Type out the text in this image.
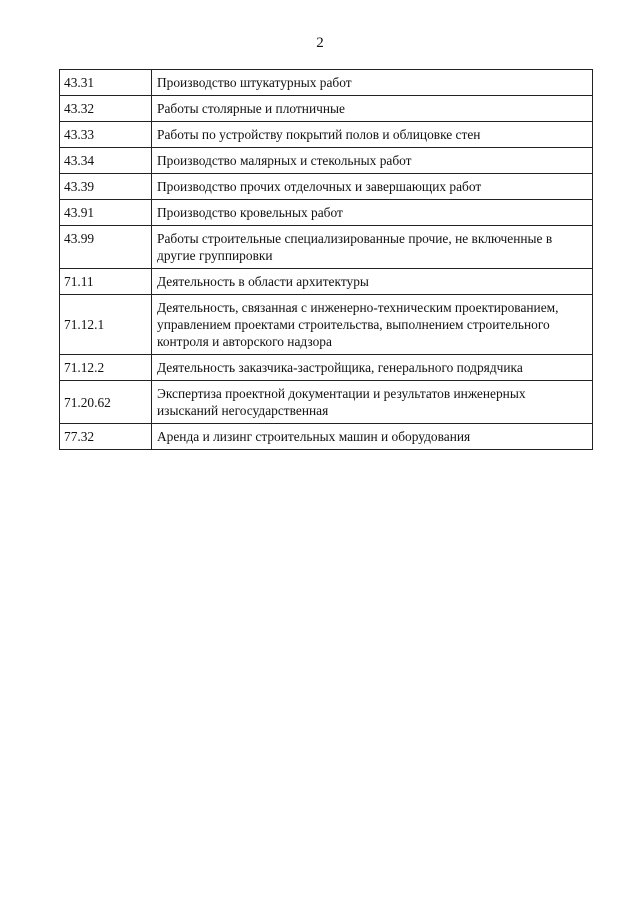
2
43.31	Производство штукатурных работ
43.32	Работы столярные и плотничные
43.33	Работы по устройству покрытий полов и облицовке стен
43.34	Производство малярных и стекольных работ
43.39	Производство прочих отделочных и завершающих работ
43.91	Производство кровельных работ
43.99	Работы строительные специализированные прочие, не включенные в другие группировки
71.11	Деятельность в области архитектуры
71.12.1	Деятельность, связанная с инженерно-техническим проектированием, управлением проектами строительства, выполнением строительного контроля и авторского надзора
71.12.2	Деятельность заказчика-застройщика, генерального подрядчика
71.20.62	Экспертиза проектной документации и результатов инженерных изысканий негосударственная
77.32	Аренда и лизинг строительных машин и оборудования
